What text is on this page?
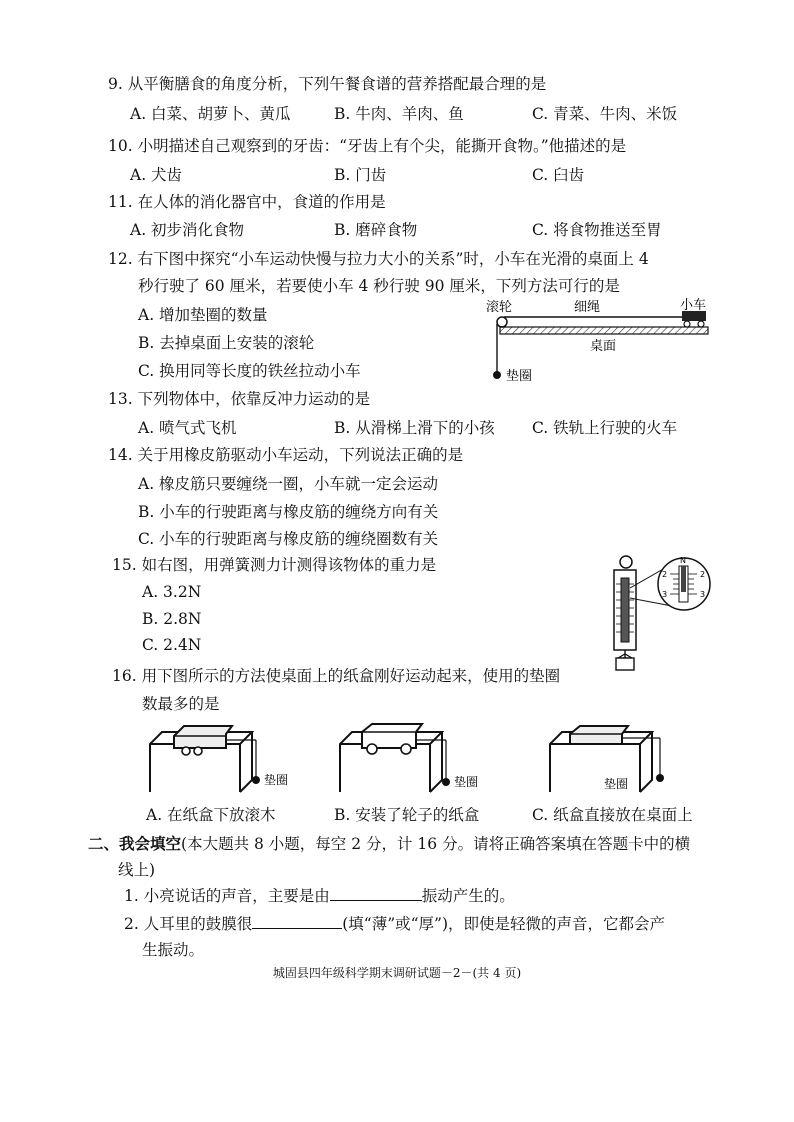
9. 从平衡膳食的角度分析，下列午餐食谱的营养搭配最合理的是
A. 白菜、胡萝卜、黄瓜	B. 牛肉、羊肉、鱼	C. 青菜、牛肉、米饭
10. 小明描述自己观察到的牙齿：“牙齿上有个尖，能撕开食物。”他描述的是
A. 犬齿	B. 门齿	C. 臼齿
11. 在人体的消化器官中，食道的作用是
A. 初步消化食物	B. 磨碎食物	C. 将食物推送至胃
12. 右下图中探究“小车运动快慢与拉力大小的关系”时，小车在光滑的桌面上 4
秒行驶了 60 厘米，若要使小车 4 秒行驶 90 厘米，下列方法可行的是
A. 增加垫圈的数量
B. 去掉桌面上安装的滚轮
C. 换用同等长度的铁丝拉动小车
滚轮	细绳	小车
桌面
垫圈
13. 下列物体中，依靠反冲力运动的是
A. 喷气式飞机	B. 从滑梯上滑下的小孩 C. 铁轨上行驶的火车
14. 关于用橡皮筋驱动小车运动，下列说法正确的是
A. 橡皮筋只要缠绕一圈，小车就一定会运动
B. 小车的行驶距离与橡皮筋的缠绕方向有关
C. 小车的行驶距离与橡皮筋的缠绕圈数有关
15. 如右图，用弹簧测力计测得该物体的重力是
A. 3.2N
B. 2.8N
C. 2.4N
N
2	2
3	3
16. 用下图所示的方法使桌面上的纸盒刚好运动起来，使用的垫圈
数最多的是
垫圈	垫圈	垫圈
A. 在纸盒下放滚木	B. 安装了轮子的纸盒	C. 纸盒直接放在桌面上
二、我会填空(本大题共 8 小题，每空 2 分，计 16 分。请将正确答案填在答题卡中的横
线上)
1. 小亮说话的声音，主要是由	振动产生的。
2. 人耳里的鼓膜很	(填“薄”或“厚”)，即使是轻微的声音，它都会产
生振动。
城固县四年级科学期末调研试题－2－(共 4 页)
